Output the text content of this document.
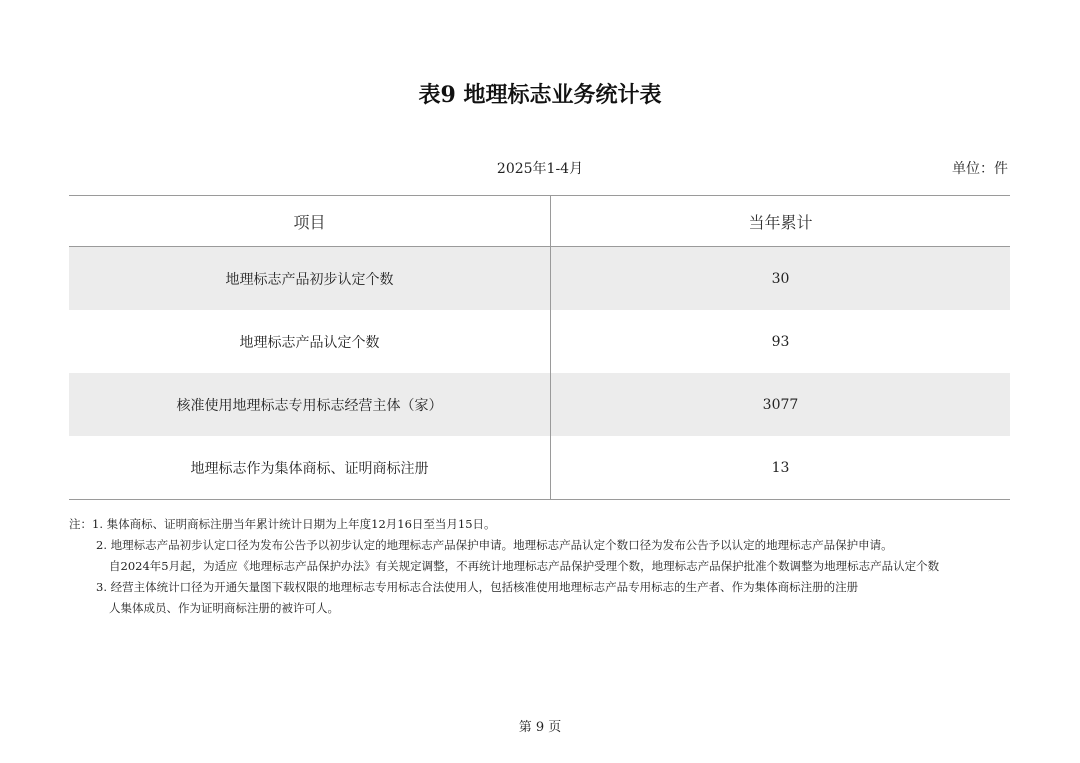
表9 地理标志业务统计表
2025年1-4月	单位：件
项目	当年累计
地理标志产品初步认定个数	30
地理标志产品认定个数	93
核准使用地理标志专用标志经营主体（家）	3077
地理标志作为集体商标、证明商标注册	13
注：1. 集体商标、证明商标注册当年累计统计日期为上年度12月16日至当月15日。
2. 地理标志产品初步认定口径为发布公告予以初步认定的地理标志产品保护申请。地理标志产品认定个数口径为发布公告予以认定的地理标志产品保护申请。
自2024年5月起，为适应《地理标志产品保护办法》有关规定调整，不再统计地理标志产品保护受理个数，地理标志产品保护批准个数调整为地理标志产品认定个数
3. 经营主体统计口径为开通矢量图下载权限的地理标志专用标志合法使用人，包括核准使用地理标志产品专用标志的生产者、作为集体商标注册的注册
人集体成员、作为证明商标注册的被许可人。
第 9 页
